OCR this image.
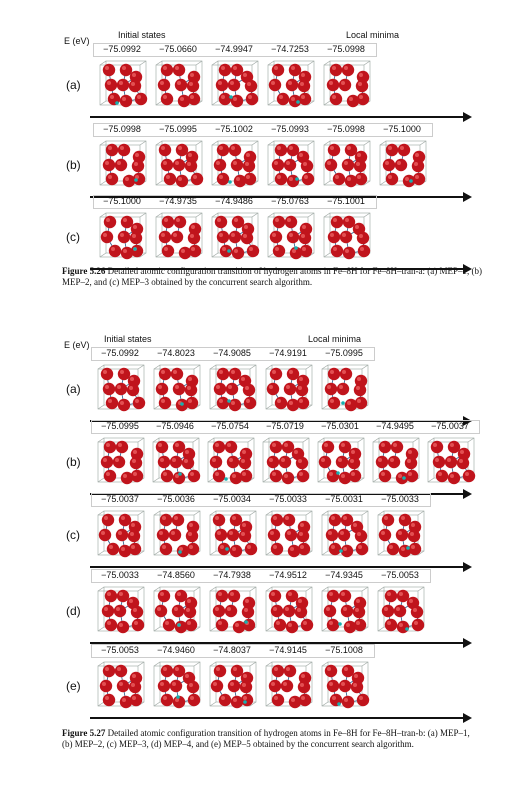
E (eV)
Initial states	Local minima
(a)
−75.0992	−75.0660	−74.9947	−74.7253	−75.0998
(b)
−75.0998	−75.0995	−75.1002	−75.0993	−75.0998	−75.1000
(c)
−75.1000	−74.9735	−74.9486	−75.0763	−75.1001
Figure 5.26 Detailed atomic configuration transition of hydrogen atoms in Fe–8H for Fe–8H–tran-a: (a) MEP–1, (b) MEP–2, and (c) MEP–3 obtained by the concurrent search algorithm.
E (eV)
Initial states	Local minima
(a)
−75.0992	−74.8023	−74.9085	−74.9191	−75.0995
(b)
−75.0995	−75.0946	−75.0754	−75.0719	−75.0301	−74.9495	−75.0037
(c)
−75.0037	−75.0036	−75.0034	−75.0033	−75.0031	−75.0033
(d)
−75.0033	−74.8560	−74.7938	−74.9512	−74.9345	−75.0053
(e)
−75.0053	−74.9460	−74.8037	−74.9145	−75.1008
Figure 5.27 Detailed atomic configuration transition of hydrogen atoms in Fe–8H for Fe–8H–tran-b: (a) MEP–1, (b) MEP–2, (c) MEP–3, (d) MEP–4, and (e) MEP–5 obtained by the concurrent search algorithm.
